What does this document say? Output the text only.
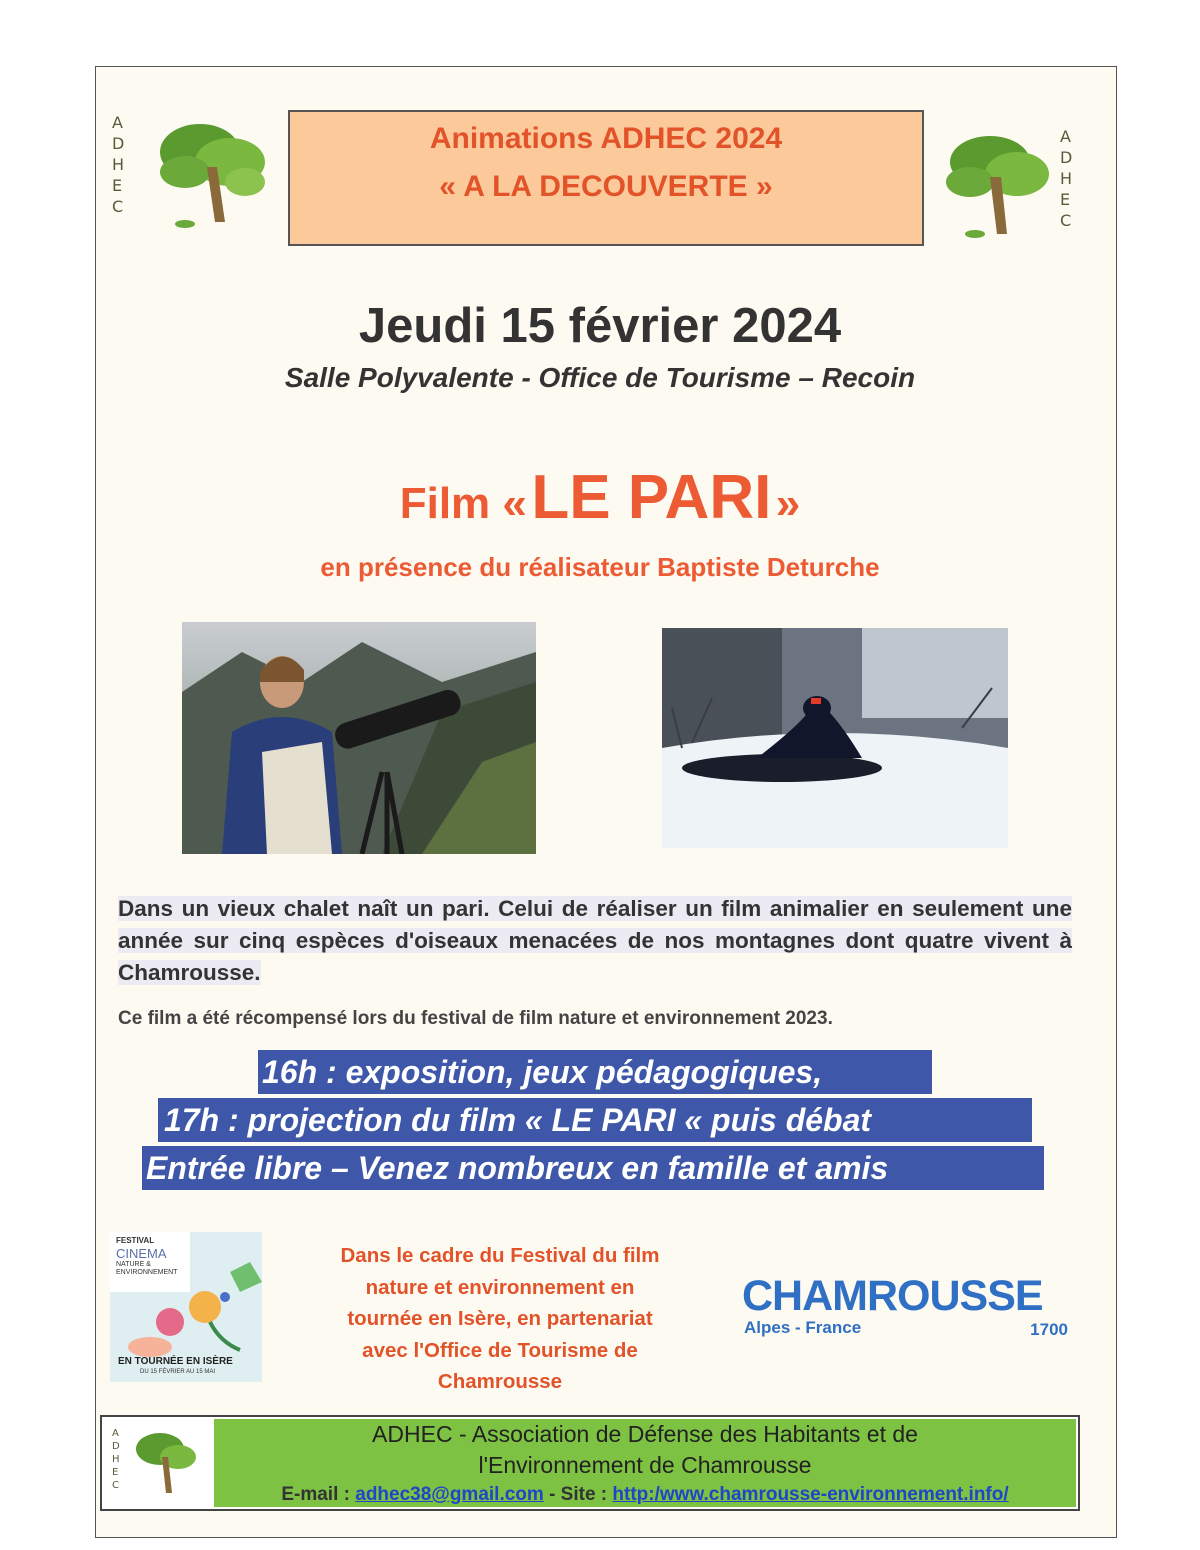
A
D
H
E
C
Animations ADHEC 2024
« A LA DECOUVERTE »
A
D
H
E
C
Jeudi 15 février 2024
Salle Polyvalente - Office de Tourisme – Recoin
Film « LE PARI »
en présence du réalisateur Baptiste Deturche
Dans un vieux chalet naît un pari. Celui de réaliser un film animalier en seulement une année sur cinq espèces d'oiseaux menacées de nos montagnes dont quatre vivent à Chamrousse.
Ce film a été récompensé lors du festival de film nature et environnement 2023.
16h : exposition, jeux pédagogiques,
17h : projection du film « LE PARI « puis débat
Entrée libre – Venez nombreux en famille et amis
FESTIVAL
CINEMA
NATURE &
ENVIRONNEMENT
EN TOURNÉE EN ISÈRE
DU 15 FÉVRIER AU 15 MAI
Dans le cadre du Festival du film
nature et environnement en
tournée en Isère, en partenariat
avec l'Office de Tourisme de
Chamrousse
CHAMROUSSE
Alpes - France	1700
A
D
H
E
C
ADHEC - Association de Défense des Habitants et de
l'Environnement de Chamrousse
E-mail : adhec38@gmail.com - Site : http:/www.chamrousse-environnement.info/
